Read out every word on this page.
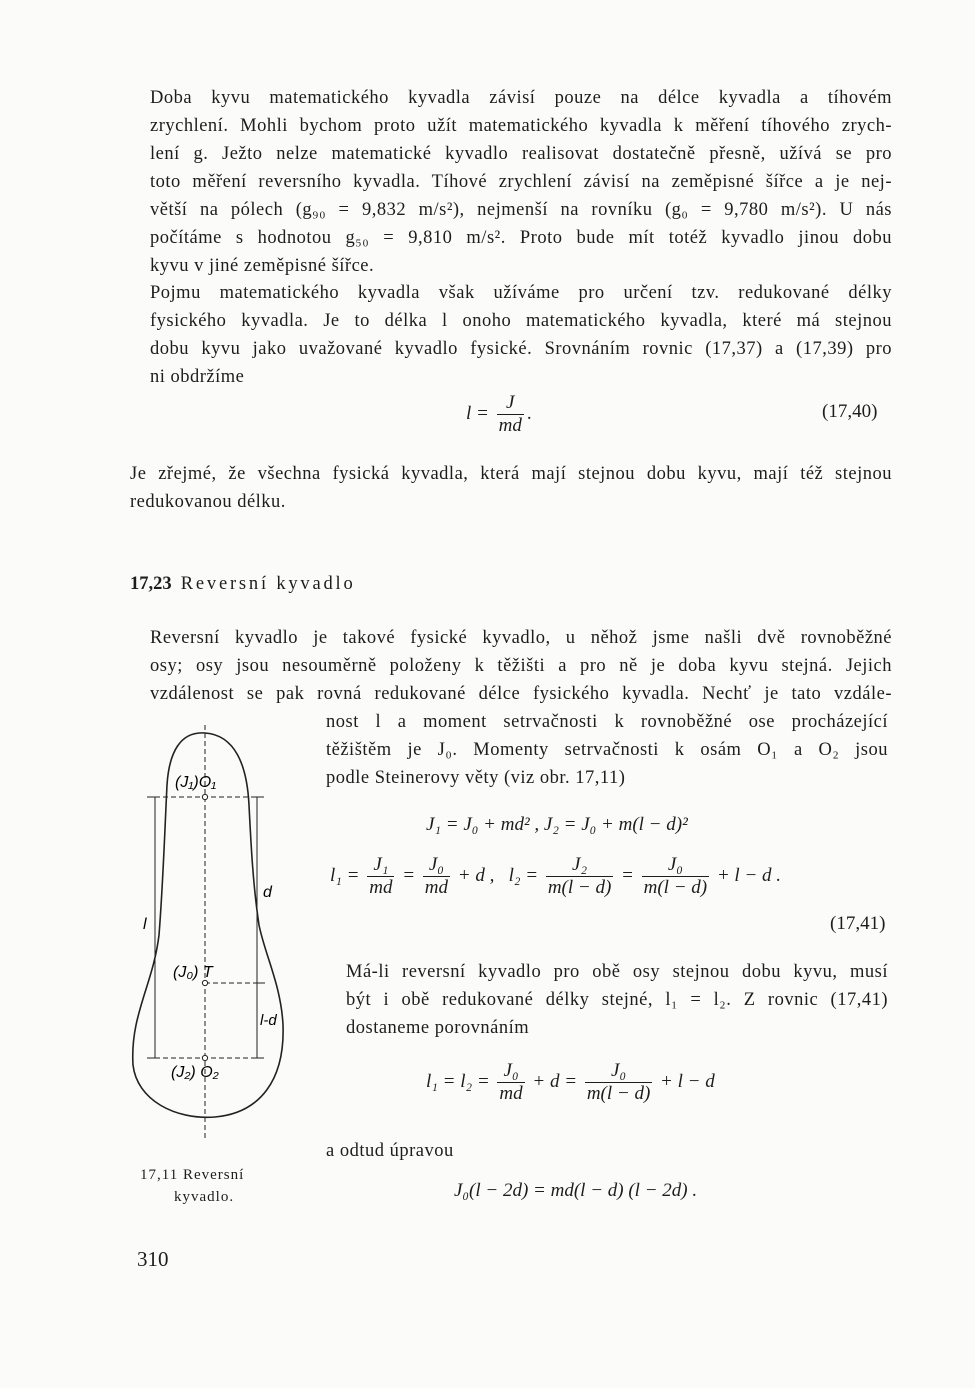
Doba kyvu matematického kyvadla závisí pouze na délce kyvadla a tíhovém
zrychlení. Mohli bychom proto užít matematického kyvadla k měření tíhového zrych-
lení g. Ježto nelze matematické kyvadlo realisovat dostatečně přesně, užívá se pro
toto měření reversního kyvadla. Tíhové zrychlení závisí na zeměpisné šířce a je nej-
větší na pólech (g₉₀ = 9,832 m/s²), nejmenší na rovníku (g₀ = 9,780 m/s²). U nás
počítáme s hodnotou g₅₀ = 9,810 m/s². Proto bude mít totéž kyvadlo jinou dobu
kyvu v jiné zeměpisné šířce.
Pojmu matematického kyvadla však užíváme pro určení tzv. redukované délky
fysického kyvadla. Je to délka l onoho matematického kyvadla, které má stejnou
dobu kyvu jako uvažované kyvadlo fysické. Srovnáním rovnic (17,37) a (17,39) pro
ni obdržíme
$l = \frac{J}{md}$ .	(17,40)
Je zřejmé, že všechna fysická kyvadla, která mají stejnou dobu kyvu, mají též stejnou
redukovanou délku.
17,23 Reversní kyvadlo
Reversní kyvadlo je takové fysické kyvadlo, u něhož jsme našli dvě rovnoběžné
osy; osy jsou nesouměrně položeny k těžišti a pro ně je doba kyvu stejná. Jejich
vzdálenost se pak rovná redukované délce fysického kyvadla. Nechť je tato vzdále-
nost l a moment setrvačnosti k rovnoběžné ose procházející
těžištěm je J₀. Momenty setrvačnosti k osám O₁ a O₂ jsou
podle Steinerovy věty (viz obr. 17,11)
J₁ = J₀ + md² , J₂ = J₀ + m(l − d)²
$l_1 = \frac{\text{J₁}}{md} = \frac{\text{J₀}}{md} + d$ , $l_2 = \frac{\text{J₂}}{m(l - d)} = \frac{\text{J₀}}{m(l - d)} + l - d$ .
(17,41)
Má-li reversní kyvadlo pro obě osy stejnou dobu kyvu, musí
být i obě redukované délky stejné, l₁ = l₂. Z rovnic (17,41)
dostaneme porovnáním
$l_1 = l_2 = \frac{\text{J₀}}{md} + d = \frac{\text{J₀}}{m(l - d)} + l - d$
a odtud úpravou
J₀(l − 2d) = md(l − d) (l − 2d) .
(J₁)O₁
d
l
(J₀) T
l-d
(J₂) O₂
17,11 Reversní
kyvadlo.
310
